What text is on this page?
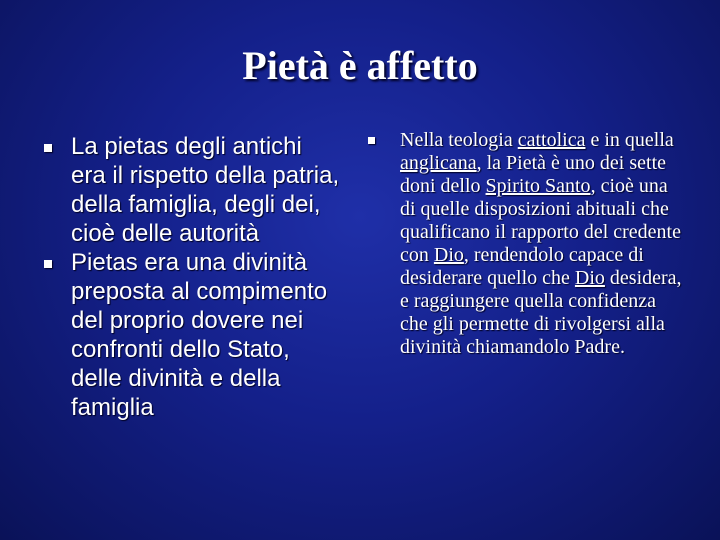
Pietà è affetto
La pietas degli antichi era il rispetto della patria, della famiglia, degli dei, cioè delle autorità
Pietas era una divinità preposta al compimento del proprio dovere nei confronti dello Stato, delle divinità e della famiglia
Nella teologia cattolica e in quella anglicana, la Pietà è uno dei sette doni dello Spirito Santo, cioè una di quelle disposizioni abituali che qualificano il rapporto del credente con Dio, rendendolo capace di desiderare quello che Dio desidera, e raggiungere quella confidenza che gli permette di rivolgersi alla divinità chiamandolo Padre.
